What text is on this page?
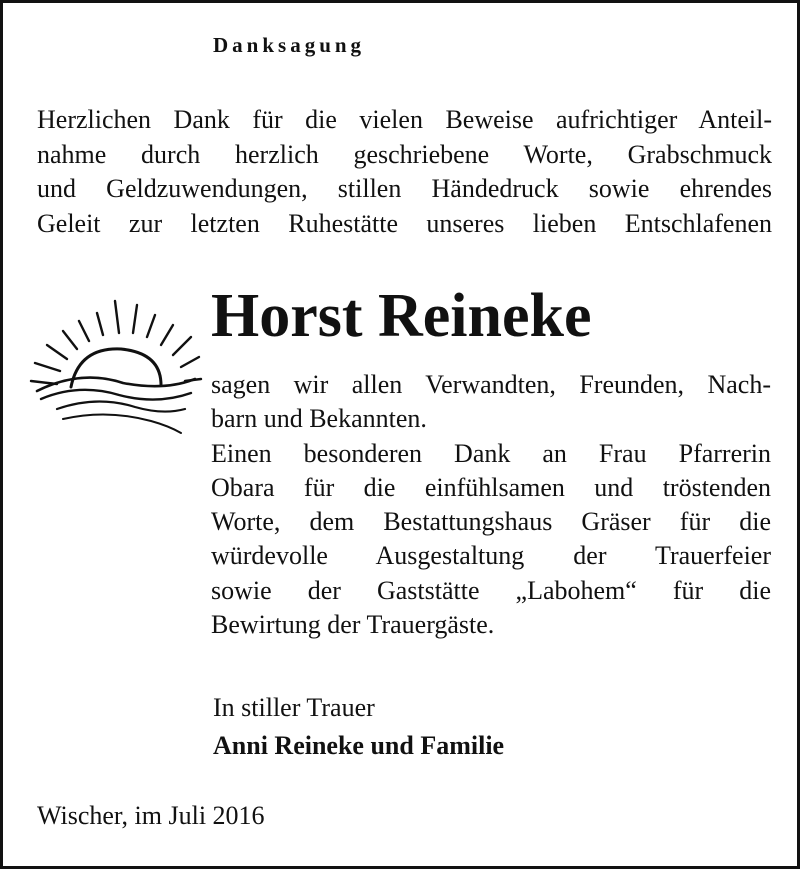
Danksagung

Herzlichen Dank für die vielen Beweise aufrichtiger Anteil-
nahme durch herzlich geschriebene Worte, Grabschmuck
und Geldzuwendungen, stillen Händedruck sowie ehrendes
Geleit zur letzten Ruhestätte unseres lieben Entschlafenen

Horst Reineke

sagen wir allen Verwandten, Freunden, Nach-
barn und Bekannten.
Einen besonderen Dank an Frau Pfarrerin
Obara für die einfühlsamen und tröstenden
Worte, dem Bestattungshaus Gräser für die
würdevolle Ausgestaltung der Trauerfeier
sowie der Gaststätte „Labohem“ für die
Bewirtung der Trauergäste.

In stiller Trauer
Anni Reineke und Familie
Wischer, im Juli 2016
